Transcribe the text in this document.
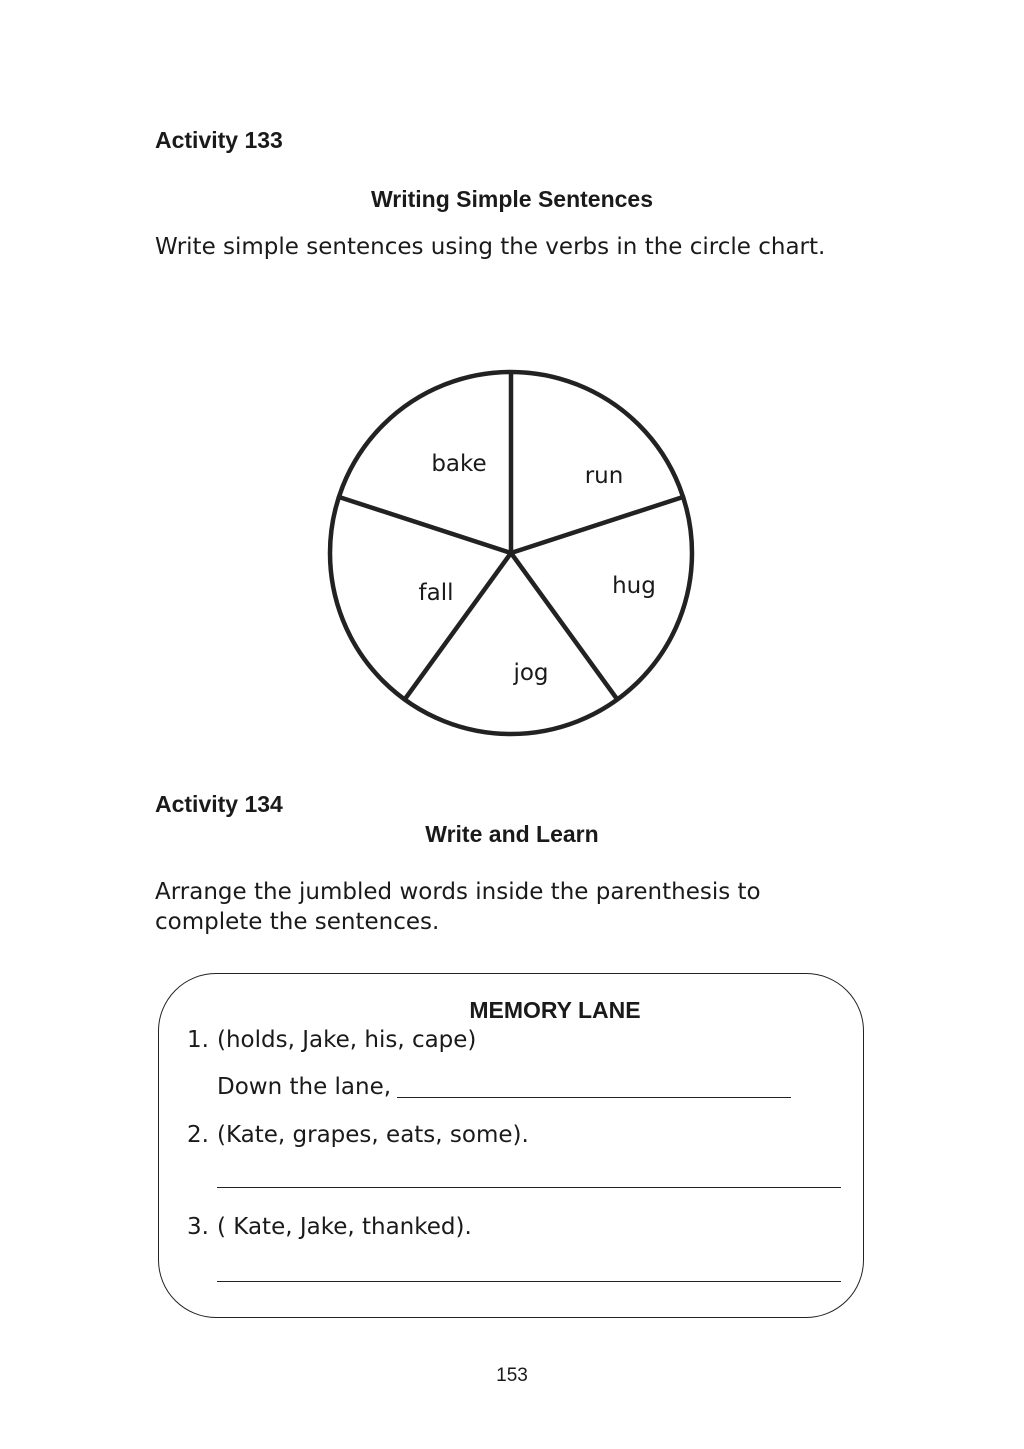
Activity 133
Writing Simple Sentences
Write simple sentences using the verbs in the circle chart.
bake	run
hug
jog
fall
Activity 134
Write and Learn
Arrange the jumbled words inside the parenthesis to
complete the sentences.
MEMORY LANE
1. (holds, Jake, his, cape)
Down the lane,
2. (Kate, grapes, eats, some).
3. ( Kate, Jake, thanked).
153
